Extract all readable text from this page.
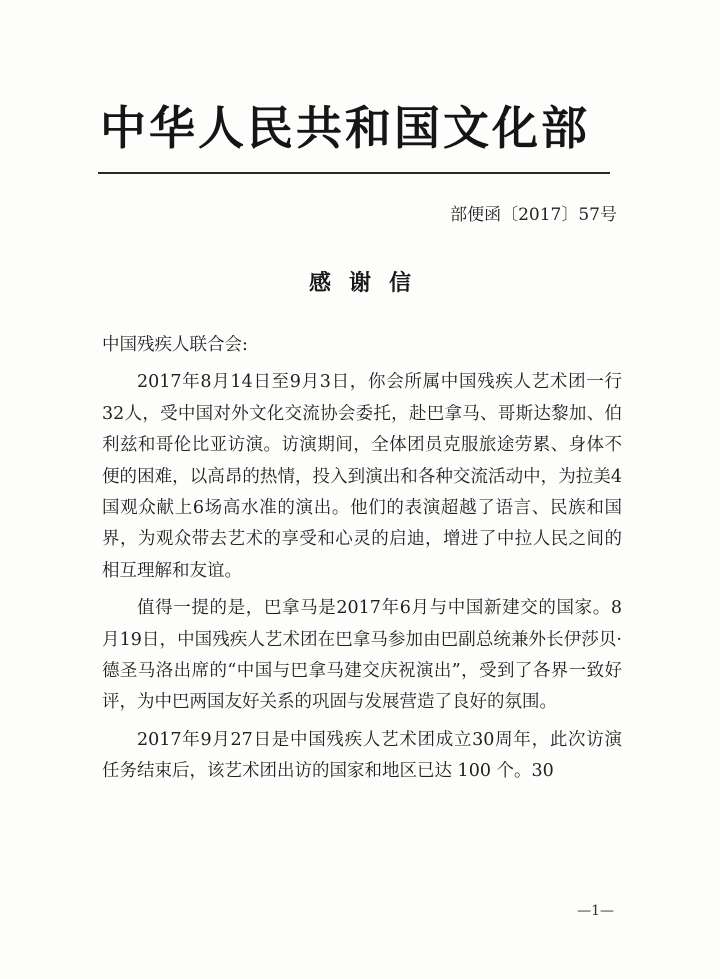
中华人民共和国文化部
部便函〔2017〕57号
感谢信

中国残疾人联合会:

2017年8月14日至9月3日，你会所属中国残疾人艺术团一行32人，受中国对外文化交流协会委托，赴巴拿马、哥斯达黎加、伯利兹和哥伦比亚访演。访演期间，全体团员克服旅途劳累、身体不便的困难，以高昂的热情，投入到演出和各种交流活动中，为拉美4国观众献上6场高水准的演出。他们的表演超越了语言、民族和国界，为观众带去艺术的享受和心灵的启迪，增进了中拉人民之间的相互理解和友谊。

值得一提的是，巴拿马是2017年6月与中国新建交的国家。8月19日，中国残疾人艺术团在巴拿马参加由巴副总统兼外长伊莎贝·德圣马洛出席的“中国与巴拿马建交庆祝演出”，受到了各界一致好评，为中巴两国友好关系的巩固与发展营造了良好的氛围。

2017年9月27日是中国残疾人艺术团成立30周年，此次访演任务结束后，该艺术团出访的国家和地区已达 100 个。30

—1—
